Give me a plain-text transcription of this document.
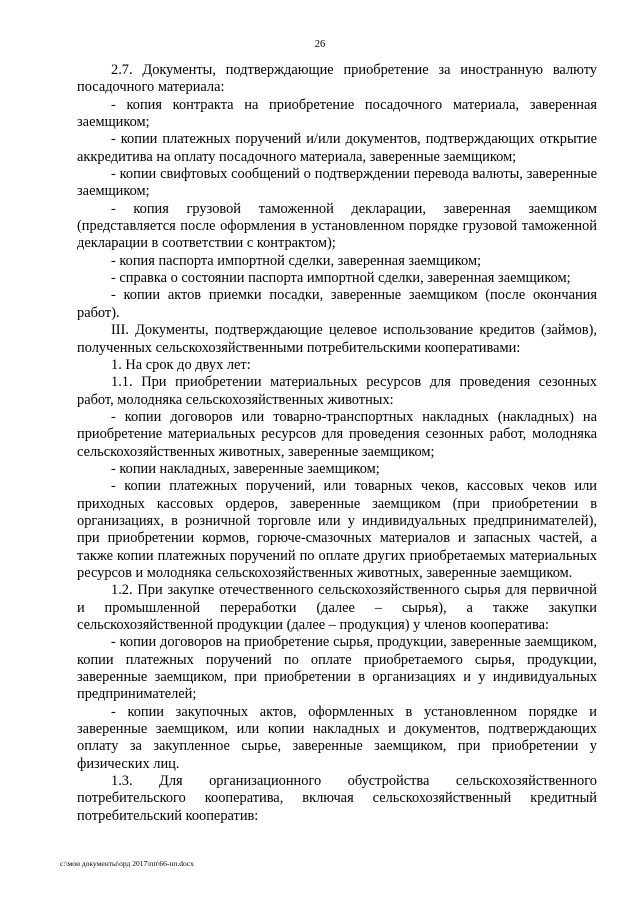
26

2.7. Документы, подтверждающие приобретение за иностранную валюту посадочного материала:

- копия контракта на приобретение посадочного материала, заверенная заемщиком;

- копии платежных поручений и/или документов, подтверждающих открытие аккредитива на оплату посадочного материала, заверенные заемщиком;

- копии свифтовых сообщений о подтверждении перевода валюты, заверенные заемщиком;

- копия грузовой таможенной декларации, заверенная заемщиком (представляется после оформления в установленном порядке грузовой таможенной декларации в соответствии с контрактом);

- копия паспорта импортной сделки, заверенная заемщиком;

- справка о состоянии паспорта импортной сделки, заверенная заемщиком;

- копии актов приемки посадки, заверенные заемщиком (после окончания работ).

III. Документы, подтверждающие целевое использование кредитов (займов), полученных сельскохозяйственными потребительскими кооперативами:

1. На срок до двух лет:

1.1. При приобретении материальных ресурсов для проведения сезонных работ, молодняка сельскохозяйственных животных:

- копии договоров или товарно-транспортных накладных (накладных) на приобретение материальных ресурсов для проведения сезонных работ, молодняка сельскохозяйственных животных, заверенные заемщиком;

- копии накладных, заверенные заемщиком;

- копии платежных поручений, или товарных чеков, кассовых чеков или приходных кассовых ордеров, заверенные заемщиком (при приобретении в организациях, в розничной торговле или у индивидуальных предпринимателей), при приобретении кормов, горюче-смазочных материалов и запасных частей, а также копии платежных поручений по оплате других приобретаемых материальных ресурсов и молодняка сельскохозяйственных животных, заверенные заемщиком.

1.2. При закупке отечественного сельскохозяйственного сырья для первичной и промышленной переработки (далее – сырья), а также закупки сельскохозяйственной продукции (далее – продукция) у членов кооператива:

- копии договоров на приобретение сырья, продукции, заверенные заемщиком, копии платежных поручений по оплате приобретаемого сырья, продукции, заверенные заемщиком, при приобретении в организациях и у индивидуальных предпринимателей;

- копии закупочных актов, оформленных в установленном порядке и заверенные заемщиком, или копии накладных и документов, подтверждающих оплату за закупленное сырье, заверенные заемщиком, при приобретении у физических лиц.

1.3. Для организационного обустройства сельскохозяйственного потребительского кооператива, включая сельскохозяйственный кредитный потребительский кооператив:

c:\мои документы\орд 2017\пп\66-пп.docx
